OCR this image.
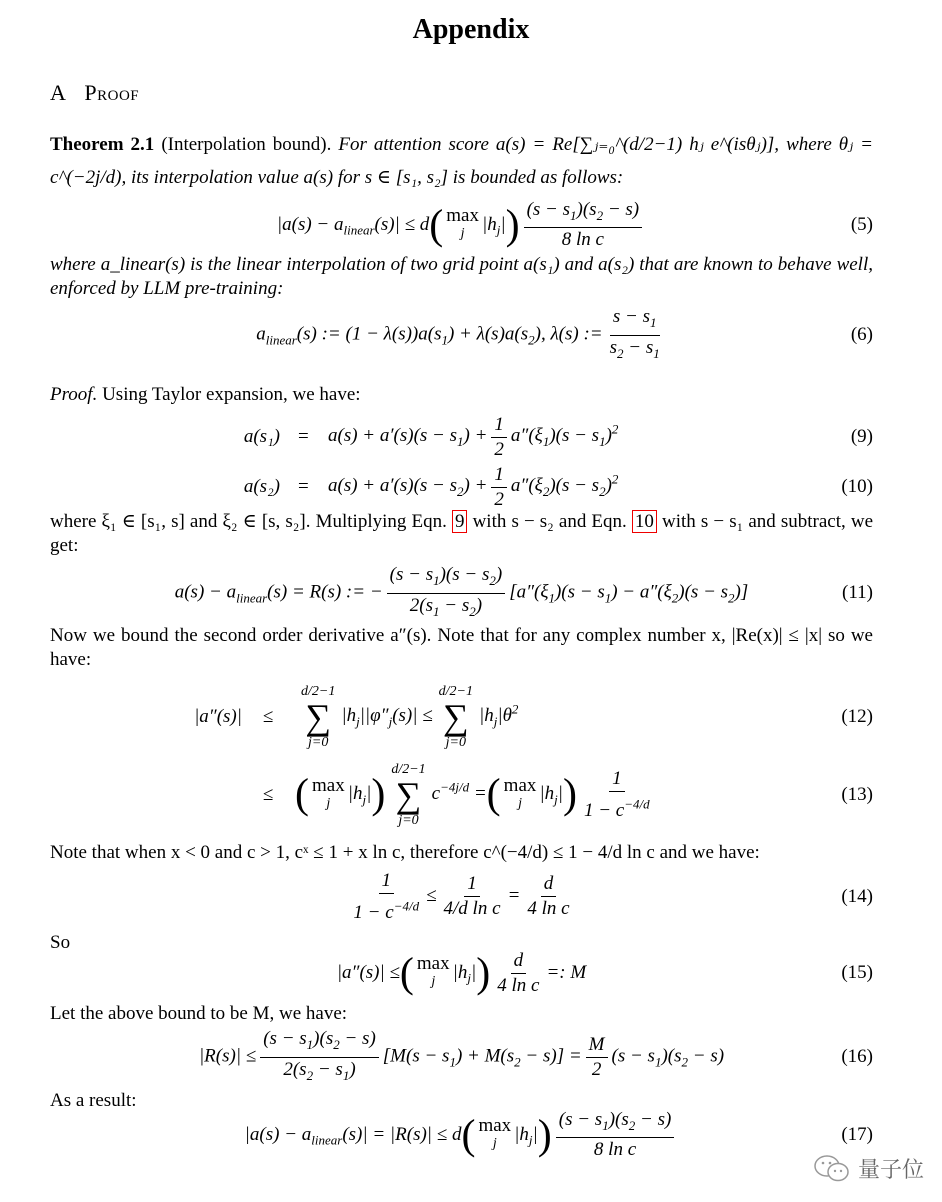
Appendix
A Proof
Theorem 2.1 (Interpolation bound). For attention score a(s) = Re[∑ⱼ₌₀^(d/2−1) hⱼ e^(isθⱼ)], where θⱼ = c^(−2j/d), its interpolation value a(s) for s ∈ [s₁, s₂] is bounded as follows:
$|a(s) - a_{linear}(s)| \le d$( max
j $|h_j|) \frac{(s - s_1)(s_2 - s)}{\text{8 ln c}}$	(5)
where a_linear(s) is the linear interpolation of two grid point a(s₁) and a(s₂) that are known to behave well, enforced by LLM pre-training:
$a_{linear}(s)$ := $(1 - \lambda(s))a(s_1) + \lambda(s)a(s_2)$, λ(s) := $\frac{s - s_1}{s_2 - s_1}$	(6)
Proof. Using Taylor expansion, we have:
$a(s_1) = a(s) + a'(s)(s - s_1) + \frac{1}{2} a''(\xi_1)(s - s_1)^2$	(9)
$a(s_2) = a(s) + a'(s)(s - s_2) + \frac{1}{2} a''(\xi_2)(s - s_2)^2$	(10)
where ξ₁ ∈ [s₁, s] and ξ₂ ∈ [s, s₂]. Multiplying Eqn. 9 with s − s₂ and Eqn. 10 with s − s₁ and subtract, we get:
$a(s) - a_{linear}(s) = R(s)$ := − $\frac{(s - s_1)(s - s_2)}{2(s_1 - s_2)} [a''(\xi_1)(s - s_1) - a''(\xi_2)(s - s_2)]$	(11)
Now we bound the second order derivative a″(s). Note that for any complex number x, |Re(x)| ≤ |x| so we have:
|a″(s)| ≤
d/2−1
∑
j=0
$|h_j||\varphi''_j(s)|$ ≤
d/2−1
∑
j=0
$|h_j|\theta^2$	(12)
≤ ( max
j $|h_j|$)
d/2−1
∑
j=0
$c^{-4j/d}$ =( max
j $|h_j|) \frac{1}{1 - c^{-4/d}}$	(13)
Note that when x < 0 and c > 1, cˣ ≤ 1 + x ln c, therefore c^(−4/d) ≤ 1 − 4/d ln c and we have:
$\frac{1}{1 - c^{-4/d}} \le \frac{1}{\text{4/d ln c}} = \frac{d}{\text{4 ln c}}$	(14)
So
|a″(s)| ≤( max
j $|h_j|) \frac{d}{\text{4 ln c}}$ =: M	(15)
Let the above bound to be M, we have:
$|R(s)| \le \frac{(s - s_1)(s_2 - s)}{2(s_2 - s_1)} [M(s - s_1) + M(s_2 - s)] = \frac{M}{2} (s - s_1)(s_2 - s)$	(16)
As a result:
$|a(s) - a_{linear}(s)| = |R(s)| \le d$( max
j $|h_j|) \frac{(s - s_1)(s_2 - s)}{\text{8 ln c}}$	(17)
量子位
